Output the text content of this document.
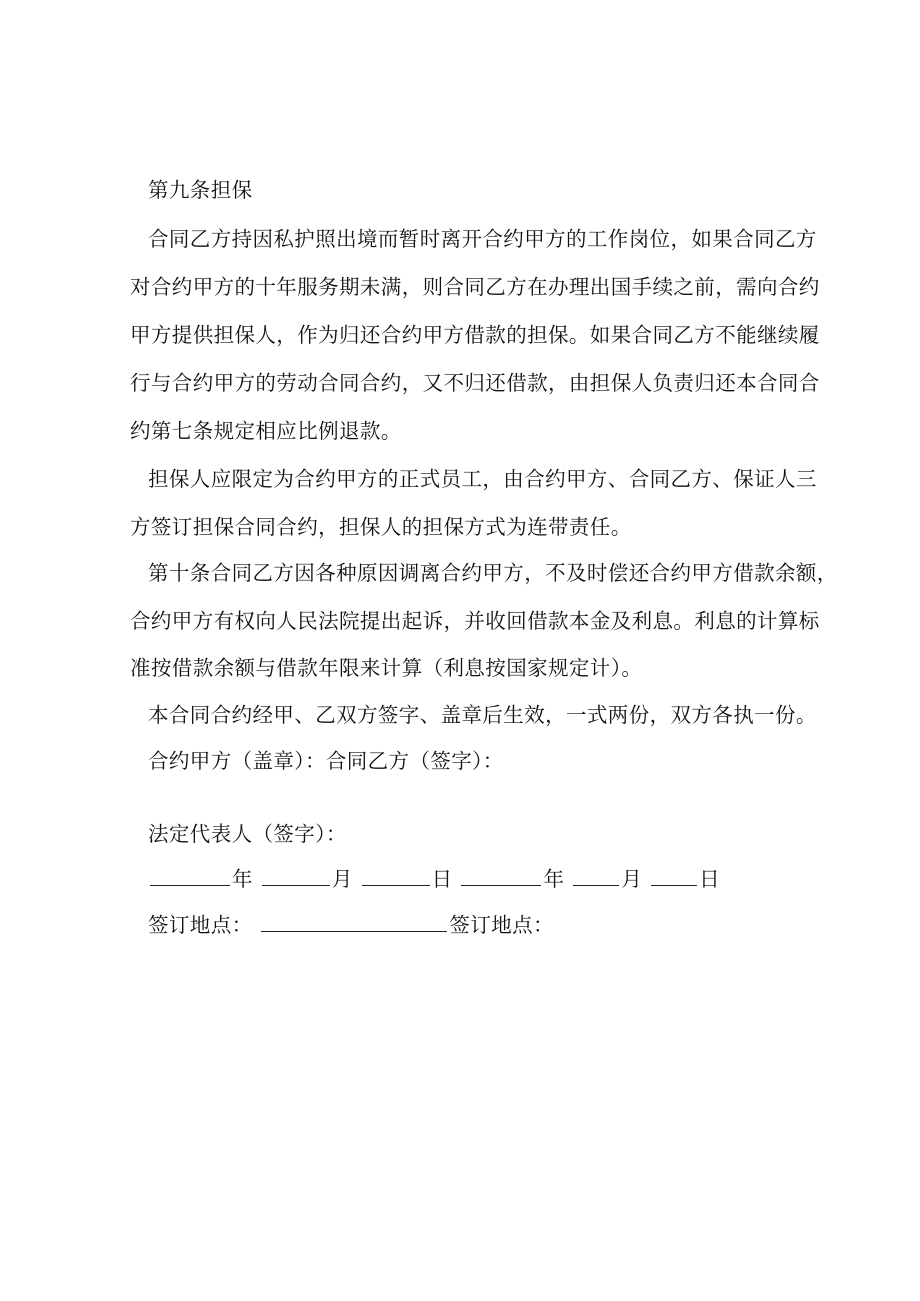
第九条担保
合同乙方持因私护照出境而暂时离开合约甲方的工作岗位，如果合同乙方
对合约甲方的十年服务期未满，则合同乙方在办理出国手续之前，需向合约
甲方提供担保人，作为归还合约甲方借款的担保。如果合同乙方不能继续履
行与合约甲方的劳动合同合约，又不归还借款，由担保人负责归还本合同合
约第七条规定相应比例退款。
担保人应限定为合约甲方的正式员工，由合约甲方、合同乙方、保证人三
方签订担保合同合约，担保人的担保方式为连带责任。
第十条合同乙方因各种原因调离合约甲方，不及时偿还合约甲方借款余额，
合约甲方有权向人民法院提出起诉，并收回借款本金及利息。利息的计算标
准按借款余额与借款年限来计算（利息按国家规定计）。
本合同合约经甲、乙双方签字、盖章后生效，一式两份，双方各执一份。
合约甲方（盖章）：合同乙方（签字）：
法定代表人（签字）：
年	月	日	年	月	日
签订地点：	签订地点：
